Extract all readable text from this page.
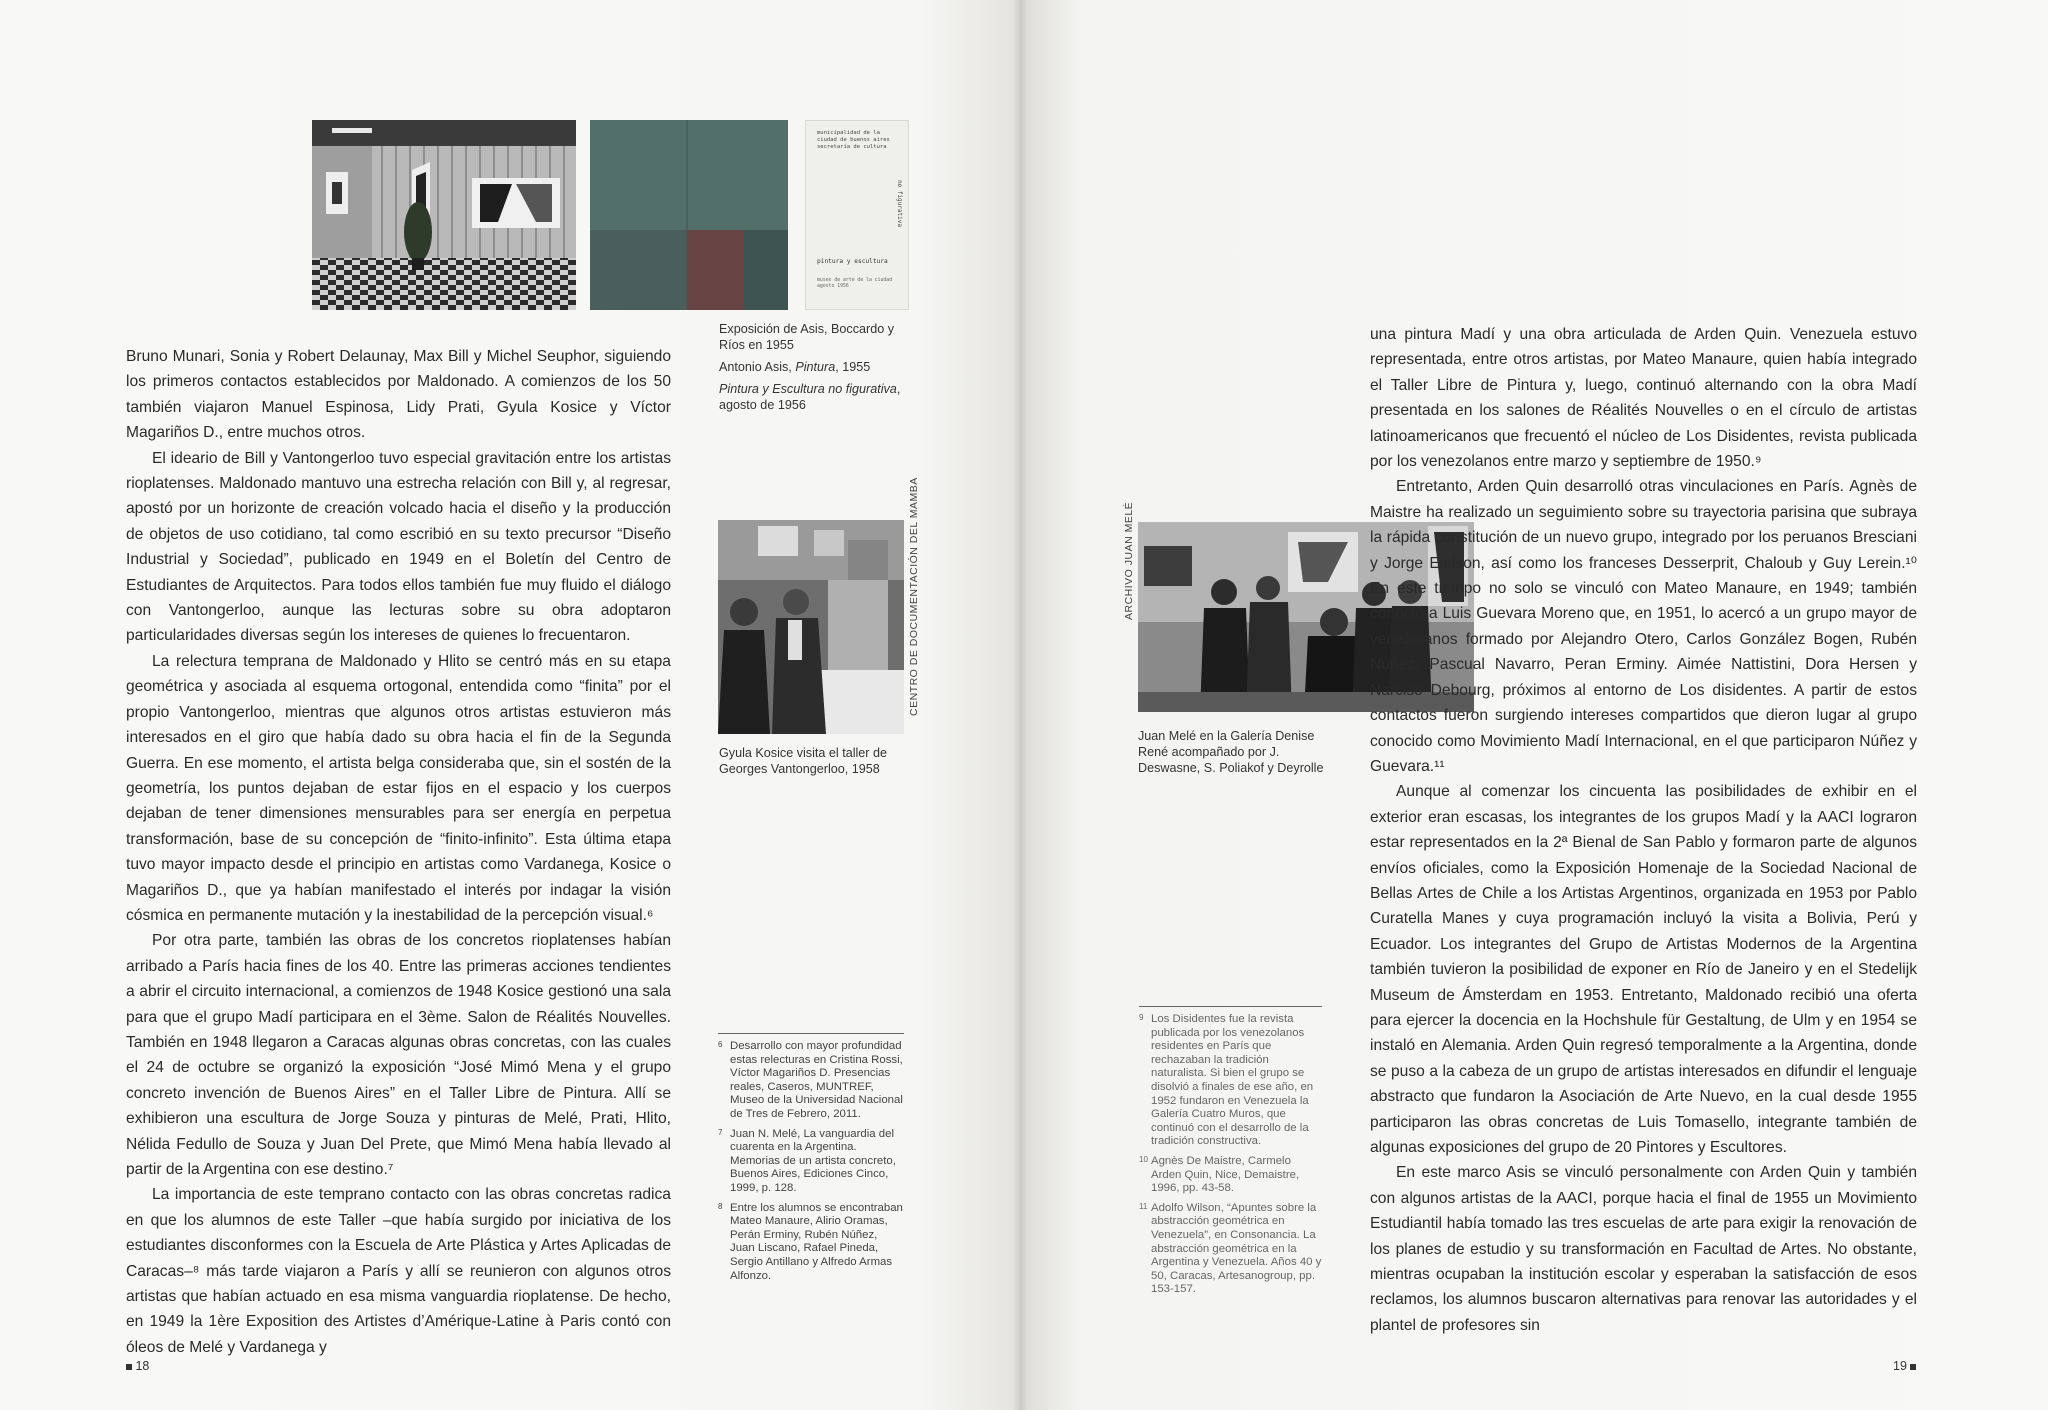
municipalidad de la
ciudad de buenos aires
secretaría de cultura
no figurativa
pintura y escultura
museo de arte de la ciudad
agosto 1956

Exposición de Asis, Boccardo y Ríos en 1955

Antonio Asis, Pintura, 1955

Pintura y Escultura no figurativa, agosto de 1956

CENTRO DE DOCUMENTACIÓN DEL MAMBA
Gyula Kosice visita el taller de Georges Vantongerloo, 1958

Bruno Munari, Sonia y Robert Delaunay, Max Bill y Michel Seuphor, siguiendo los primeros contactos establecidos por Maldonado. A comienzos de los 50 también viajaron Manuel Espinosa, Lidy Prati, Gyula Kosice y Víctor Magariños D., entre muchos otros.

El ideario de Bill y Vantongerloo tuvo especial gravitación entre los artistas rioplatenses. Maldonado mantuvo una estrecha relación con Bill y, al regresar, apostó por un horizonte de creación volcado hacia el diseño y la producción de objetos de uso cotidiano, tal como escribió en su texto precursor “Diseño Industrial y Sociedad”, publicado en 1949 en el Boletín del Centro de Estudiantes de Arquitectos. Para todos ellos también fue muy fluido el diálogo con Vantongerloo, aunque las lecturas sobre su obra adoptaron particularidades diversas según los intereses de quienes lo frecuentaron.

La relectura temprana de Maldonado y Hlito se centró más en su etapa geométrica y asociada al esquema ortogonal, entendida como “finita” por el propio Vantongerloo, mientras que algunos otros artistas estuvieron más interesados en el giro que había dado su obra hacia el fin de la Segunda Guerra. En ese momento, el artista belga consideraba que, sin el sostén de la geometría, los puntos dejaban de estar fijos en el espacio y los cuerpos dejaban de tener dimensiones mensurables para ser energía en perpetua transformación, base de su concepción de “finito-infinito”. Esta última etapa tuvo mayor impacto desde el principio en artistas como Vardanega, Kosice o Magariños D., que ya habían manifestado el interés por indagar la visión cósmica en permanente mutación y la inestabilidad de la percepción visual.⁶

Por otra parte, también las obras de los concretos rioplatenses habían arribado a París hacia fines de los 40. Entre las primeras acciones tendientes a abrir el circuito internacional, a comienzos de 1948 Kosice gestionó una sala para que el grupo Madí participara en el 3ème. Salon de Réalités Nouvelles. También en 1948 llegaron a Caracas algunas obras concretas, con las cuales el 24 de octubre se organizó la exposición “José Mimó Mena y el grupo concreto invención de Buenos Aires” en el Taller Libre de Pintura. Allí se exhibieron una escultura de Jorge Souza y pinturas de Melé, Prati, Hlito, Nélida Fedullo de Souza y Juan Del Prete, que Mimó Mena había llevado al partir de la Argentina con ese destino.⁷

La importancia de este temprano contacto con las obras concretas radica en que los alumnos de este Taller –que había surgido por iniciativa de los estudiantes disconformes con la Escuela de Arte Plástica y Artes Aplicadas de Caracas–⁸ más tarde viajaron a París y allí se reunieron con algunos otros artistas que habían actuado en esa misma vanguardia rioplatense. De hecho, en 1949 la 1ère Exposition des Artistes d’Amérique-Latine à Paris contó con óleos de Melé y Vardanega y

6 Desarrollo con mayor profundidad estas relecturas en Cristina Rossi, Víctor Magariños D. Presencias reales, Caseros, MUNTREF, Museo de la Universidad Nacional de Tres de Febrero, 2011.
7 Juan N. Melé, La vanguardia del cuarenta en la Argentina. Memorias de un artista concreto, Buenos Aires, Ediciones Cinco, 1999, p. 128.
8 Entre los alumnos se encontraban Mateo Manaure, Alirio Oramas, Perán Erminy, Rubén Núñez, Juan Liscano, Rafael Pineda, Sergio Antillano y Alfredo Armas Alfonzo.
18
ARCHIVO JUAN MELÉ
Juan Melé en la Galería Denise René acompañado por J. Deswasne, S. Poliakof y Deyrolle

una pintura Madí y una obra articulada de Arden Quin. Venezuela estuvo representada, entre otros artistas, por Mateo Manaure, quien había integrado el Taller Libre de Pintura y, luego, continuó alternando con la obra Madí presentada en los salones de Réalités Nouvelles o en el círculo de artistas latinoamericanos que frecuentó el núcleo de Los Disidentes, revista publicada por los venezolanos entre marzo y septiembre de 1950.⁹

Entretanto, Arden Quin desarrolló otras vinculaciones en París. Agnès de Maistre ha realizado un seguimiento sobre su trayectoria parisina que subraya la rápida constitución de un nuevo grupo, integrado por los peruanos Bresciani y Jorge Eielson, así como los franceses Desserprit, Chaloub y Guy Lerein.¹⁰ En este tiempo no solo se vinculó con Mateo Manaure, en 1949; también conoció a Luis Guevara Moreno que, en 1951, lo acercó a un grupo mayor de venezolanos formado por Alejandro Otero, Carlos González Bogen, Rubén Núñez, Pascual Navarro, Peran Erminy. Aimée Nattistini, Dora Hersen y Narciso Debourg, próximos al entorno de Los disidentes. A partir de estos contactos fueron surgiendo intereses compartidos que dieron lugar al grupo conocido como Movimiento Madí Internacional, en el que participaron Núñez y Guevara.¹¹

Aunque al comenzar los cincuenta las posibilidades de exhibir en el exterior eran escasas, los integrantes de los grupos Madí y la AACI lograron estar representados en la 2ª Bienal de San Pablo y formaron parte de algunos envíos oficiales, como la Exposición Homenaje de la Sociedad Nacional de Bellas Artes de Chile a los Artistas Argentinos, organizada en 1953 por Pablo Curatella Manes y cuya programación incluyó la visita a Bolivia, Perú y Ecuador. Los integrantes del Grupo de Artistas Modernos de la Argentina también tuvieron la posibilidad de exponer en Río de Janeiro y en el Stedelijk Museum de Ámsterdam en 1953. Entretanto, Maldonado recibió una oferta para ejercer la docencia en la Hochshule für Gestaltung, de Ulm y en 1954 se instaló en Alemania. Arden Quin regresó temporalmente a la Argentina, donde se puso a la cabeza de un grupo de artistas interesados en difundir el lenguaje abstracto que fundaron la Asociación de Arte Nuevo, en la cual desde 1955 participaron las obras concretas de Luis Tomasello, integrante también de algunas exposiciones del grupo de 20 Pintores y Escultores.

En este marco Asis se vinculó personalmente con Arden Quin y también con algunos artistas de la AACI, porque hacia el final de 1955 un Movimiento Estudiantil había tomado las tres escuelas de arte para exigir la renovación de los planes de estudio y su transformación en Facultad de Artes. No obstante, mientras ocupaban la institución escolar y esperaban la satisfacción de esos reclamos, los alumnos buscaron alternativas para renovar las autoridades y el plantel de profesores sin

9 Los Disidentes fue la revista publicada por los venezolanos residentes en París que rechazaban la tradición naturalista. Si bien el grupo se disolvió a finales de ese año, en 1952 fundaron en Venezuela la Galería Cuatro Muros, que continuó con el desarrollo de la tradición constructiva.
10 Agnès De Maistre, Carmelo Arden Quin, Nice, Demaistre, 1996, pp. 43-58.
11 Adolfo Wilson, “Apuntes sobre la abstracción geométrica en Venezuela”, en Consonancia. La abstracción geométrica en la Argentina y Venezuela. Años 40 y 50, Caracas, Artesanogroup, pp. 153-157.
19
